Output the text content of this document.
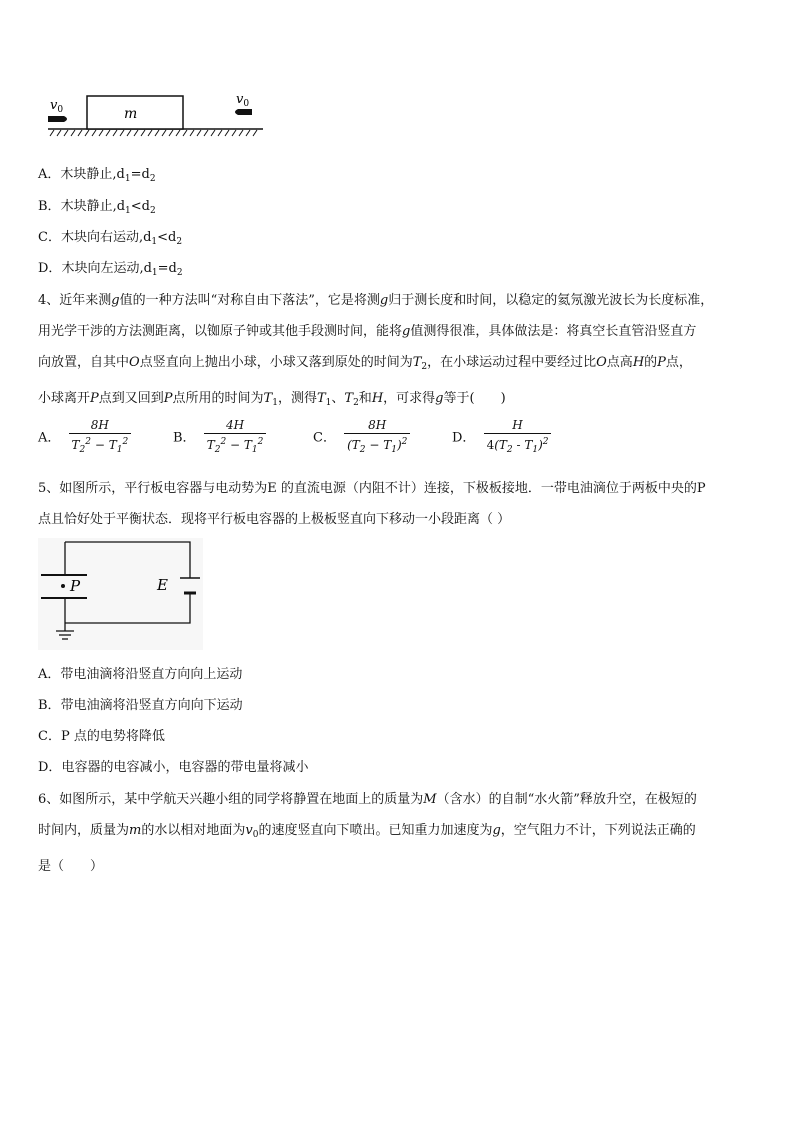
m
$v_0$
$v_0$
A．木块静止$,d_1=d_2$
B．木块静止$,d_1<d_2$
C．木块向右运动$,d_1<d_2$
D．木块向左运动$,d_1=d_2$
4、近年来测g值的一种方法叫“对称自由下落法”，它是将测g归于测长度和时间，以稳定的氦氖激光波长为长度标准，
用光学干涉的方法测距离，以铷原子钟或其他手段测时间，能将g值测得很准，具体做法是：将真空长直管沿竖直方
向放置，自其中O点竖直向上抛出小球，小球又落到原处的时间为$T_2$，在小球运动过程中要经过比O点高H的P点，
小球离开P点到又回到P点所用的时间为$T_1$，测得$T_1$、$T_2$和H，可求得g等于(　　)
A． $\frac{8H}{T_2^2 - T_1^2}$	B． $\frac{4H}{T_2^2 - T_1^2}$	C． $\frac{8H}{(T_2 - T_1)^2}$	D． $\frac{H}{4(T_2 - T_1)^2}$
5、如图所示，平行板电容器与电动势为E 的直流电源（内阻不计）连接，下极板接地．一带电油滴位于两板中央的P
点且恰好处于平衡状态．现将平行板电容器的上极板竖直向下移动一小段距离（ ）
P	E
A．带电油滴将沿竖直方向向上运动
B．带电油滴将沿竖直方向向下运动
C．P 点的电势将降低
D．电容器的电容减小，电容器的带电量将减小
6、如图所示，某中学航天兴趣小组的同学将静置在地面上的质量为M（含水）的自制“水火箭”释放升空，在极短的
时间内，质量为m的水以相对地面为$v_0$的速度竖直向下喷出。已知重力加速度为g，空气阻力不计，下列说法正确的
是（　　）
